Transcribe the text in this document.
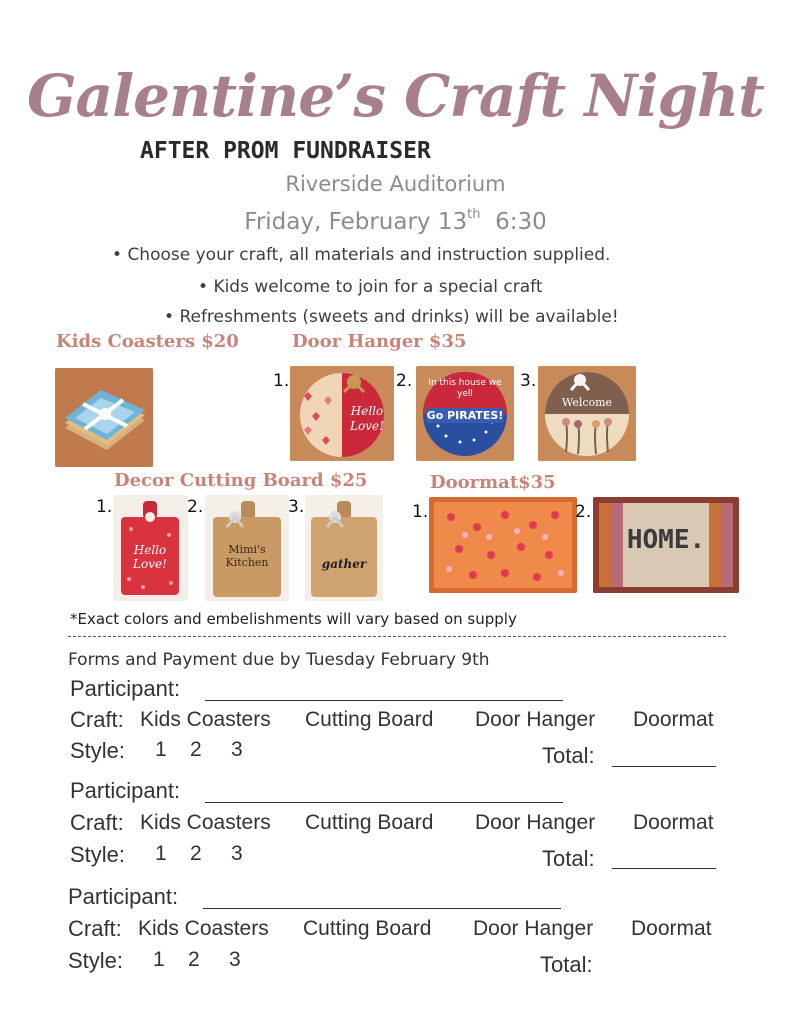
Galentine’s Craft Night
AFTER PROM FUNDRAISER
Riverside Auditorium
Friday, February 13th 6:30
• Choose your craft, all materials and instruction supplied.
• Kids welcome to join for a special craft
• Refreshments (sweets and drinks) will be available!
Kids Coasters $20	Door Hanger $35
1.
Hello Love!
2.	In this house we yell
Go PIRATES!
3.
Welcome
Decor Cutting Board $25
1.
Hello Love!
2.
Mimi's Kitchen
3.
gather
Doormat$35
1.	2.
HOME.
*Exact colors and embelishments will vary based on supply
Forms and Payment due by Tuesday February 9th
Participant:
Craft: Kids Coasters Cutting Board Door Hanger Doormat
Style: 1 2 3	Total:
Participant:
Craft: Kids Coasters Cutting Board Door Hanger Doormat
Style: 1 2 3	Total:
Participant:
Craft: Kids Coasters Cutting Board Door Hanger Doormat
Style: 1 2 3	Total:
